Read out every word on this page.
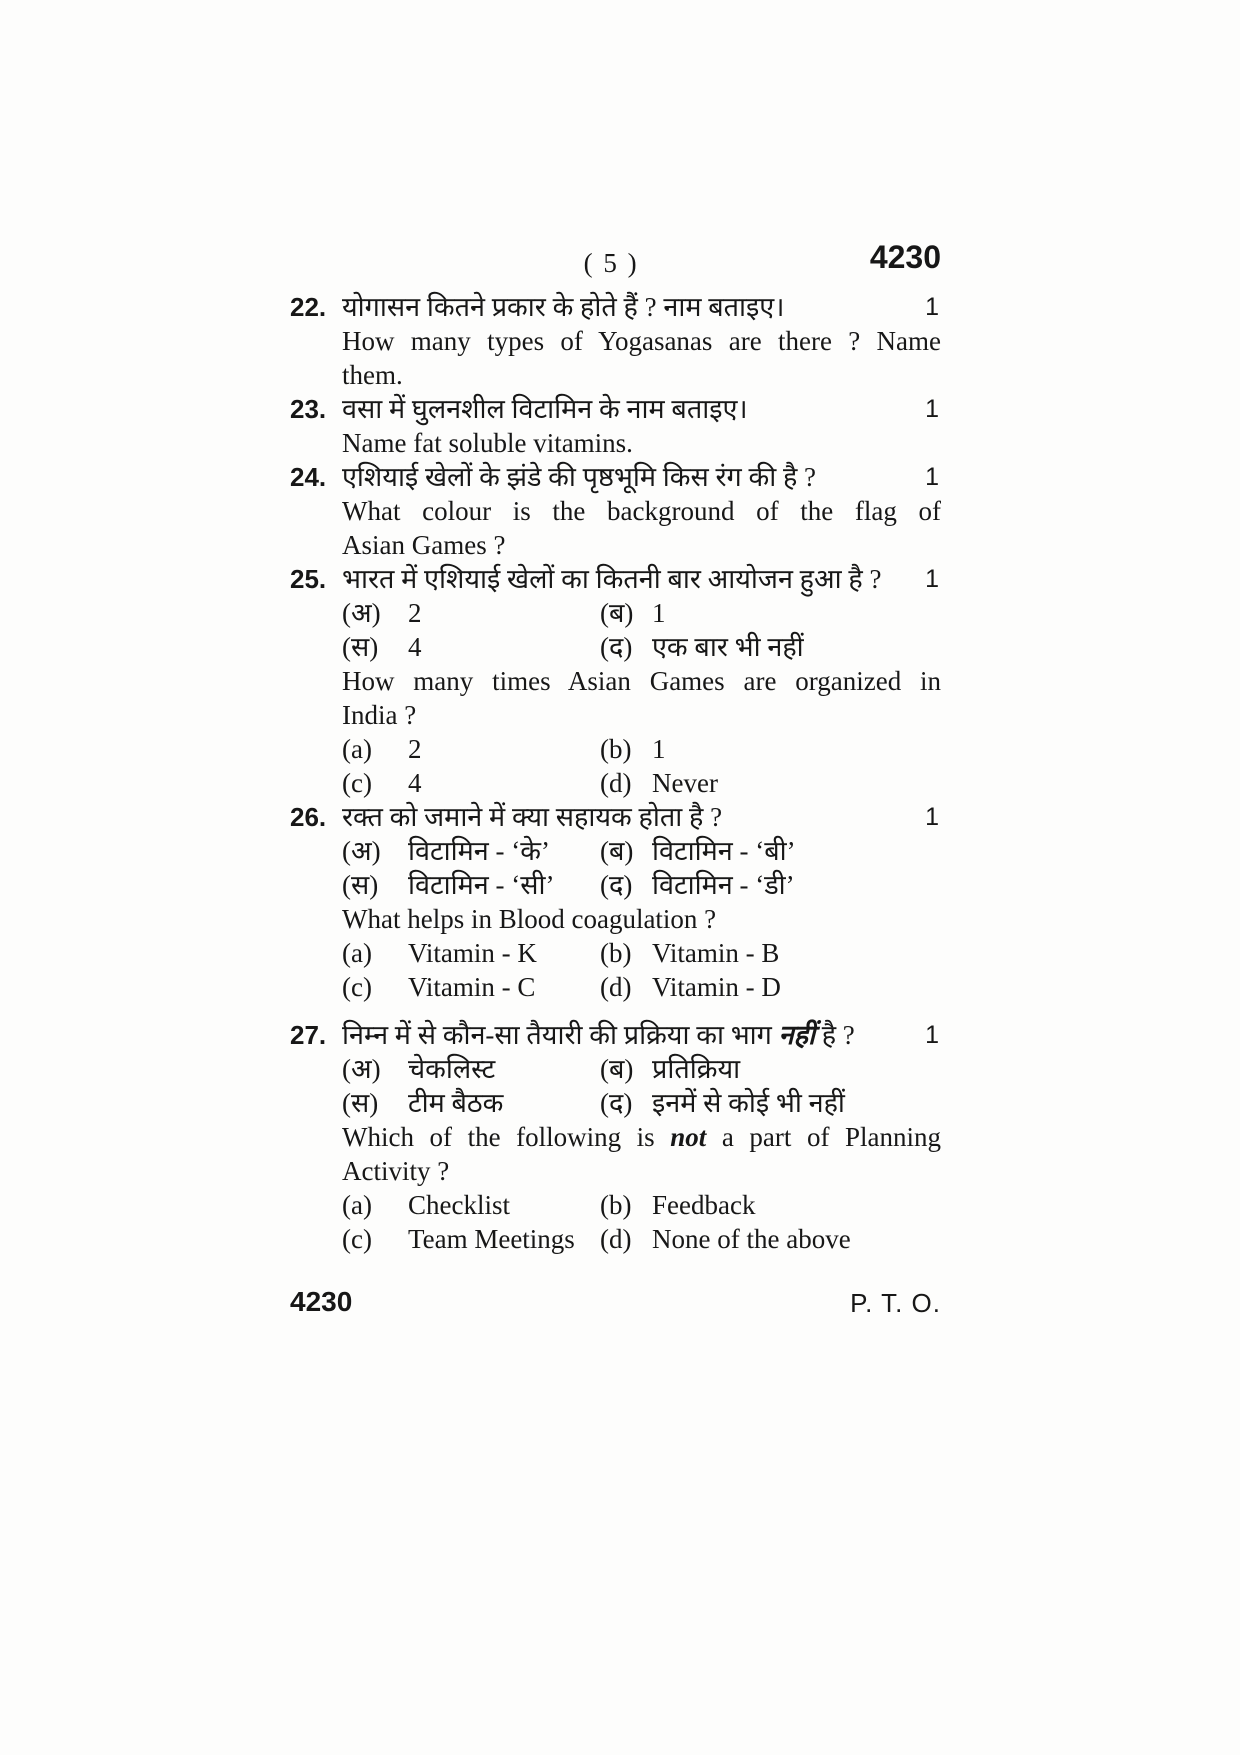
( 5 )	4230
1
22. योगासन कितने प्रकार के होते हैं ? नाम बताइए।
How many types of Yogasanas are there ? Name
them.
1
23. वसा में घुलनशील विटामिन के नाम बताइए।
Name fat soluble vitamins.
1
24. एशियाई खेलों के झंडे की पृष्ठभूमि किस रंग की है ?
What colour is the background of the flag of
Asian Games ?
1
25. भारत में एशियाई खेलों का कितनी बार आयोजन हुआ है ?
(अ)	2	(ब) 1
(स)	4	(द) एक बार भी नहीं
How many times Asian Games are organized in
India ?
(a)	2	(b) 1
(c)	4	(d) Never
1
26. रक्त को जमाने में क्या सहायक होता है ?
(अ)	विटामिन - ‘के’ (ब) विटामिन - ‘बी’
(स)	विटामिन - ‘सी’ (द) विटामिन - ‘डी’
What helps in Blood coagulation ?
(a)	Vitamin - K (b) Vitamin - B
(c)	Vitamin - C (d) Vitamin - D
1
27. निम्न में से कौन-सा तैयारी की प्रक्रिया का भाग नहीं है ?
(अ)	चेकलिस्ट	(ब) प्रतिक्रिया
(स)	टीम बैठक	(द) इनमें से कोई भी नहीं
Which of the following is not a part of Planning
Activity ?
(a)	Checklist	(b) Feedback
(c)	Team Meetings (d) None of the above
4230	P. T. O.
